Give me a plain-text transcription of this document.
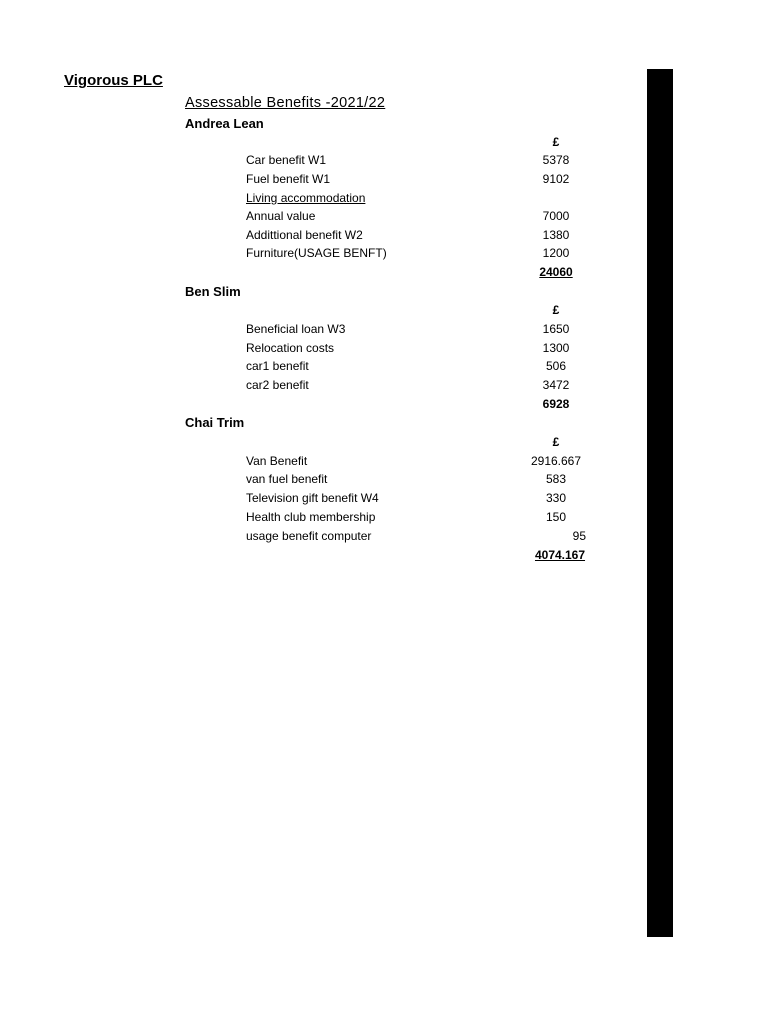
Vigorous PLC
Assessable Benefits -2021/22
Andrea Lean
£
Car benefit W1	5378
Fuel benefit W1	9102
Living accommodation
Annual value	7000
Addittional benefit W2	1380
Furniture(USAGE BENFT)	1200
24060
Ben Slim
£
Beneficial loan W3	1650
Relocation costs	1300
car1 benefit	506
car2 benefit	3472
6928
Chai Trim
£
Van Benefit	2916.667
van fuel benefit	583
Television gift benefit W4	330
Health club membership	150
usage benefit computer	95
4074.167
